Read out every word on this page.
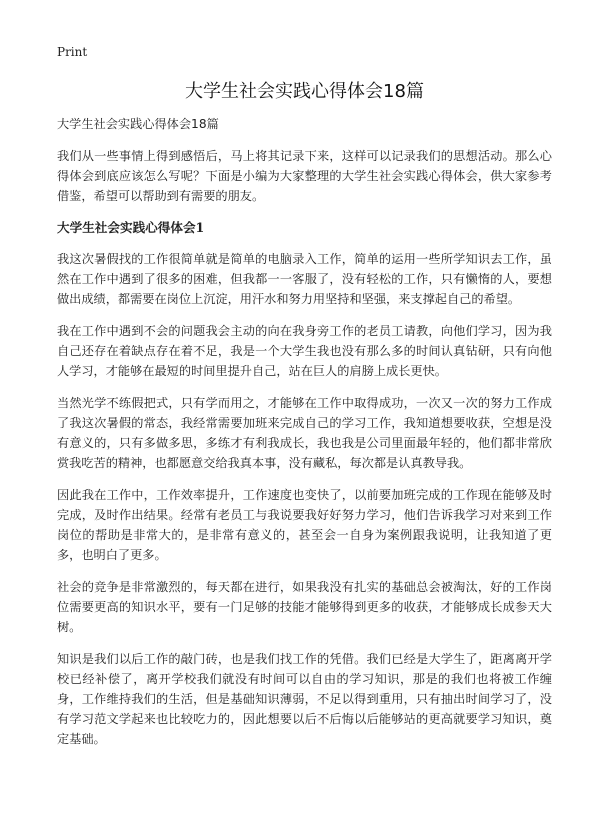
Print
大学生社会实践心得体会18篇

大学生社会实践心得体会18篇

我们从一些事情上得到感悟后，马上将其记录下来，这样可以记录我们的思想活动。那么心得体会到底应该怎么写呢？下面是小编为大家整理的大学生社会实践心得体会，供大家参考借鉴，希望可以帮助到有需要的朋友。

大学生社会实践心得体会1

我这次暑假找的工作很简单就是简单的电脑录入工作，简单的运用一些所学知识去工作，虽然在工作中遇到了很多的困难，但我都一一客服了，没有轻松的工作，只有懒惰的人，要想做出成绩，都需要在岗位上沉淀，用汗水和努力用坚持和坚强，来支撑起自己的希望。

我在工作中遇到不会的问题我会主动的向在我身旁工作的老员工请教，向他们学习，因为我自己还存在着缺点存在着不足，我是一个大学生我也没有那么多的时间认真钻研，只有向他人学习，才能够在最短的时间里提升自己，站在巨人的肩膀上成长更快。

当然光学不练假把式，只有学而用之，才能够在工作中取得成功，一次又一次的努力工作成了我这次暑假的常态，我经常需要加班来完成自己的学习工作，我知道想要收获，空想是没有意义的，只有多做多思，多练才有利我成长，我也我是公司里面最年轻的，他们都非常欣赏我吃苦的精神，也都愿意交给我真本事，没有藏私，每次都是认真教导我。

因此我在工作中，工作效率提升，工作速度也变快了，以前要加班完成的工作现在能够及时完成，及时作出结果。经常有老员工与我说要我好好努力学习，他们告诉我学习对来到工作岗位的帮助是非常大的，是非常有意义的，甚至会一自身为案例跟我说明，让我知道了更多，也明白了更多。

社会的竞争是非常激烈的，每天都在进行，如果我没有扎实的基础总会被淘汰，好的工作岗位需要更高的知识水平，要有一门足够的技能才能够得到更多的收获，才能够成长成参天大树。

知识是我们以后工作的敲门砖，也是我们找工作的凭借。我们已经是大学生了，距离离开学校已经补偿了，离开学校我们就没有时间可以自由的学习知识，那是的我们也将被工作缠身，工作维持我们的生活，但是基础知识薄弱，不足以得到重用，只有抽出时间学习了，没有学习范文学起来也比较吃力的，因此想要以后不后悔以后能够站的更高就要学习知识，奠定基础。
